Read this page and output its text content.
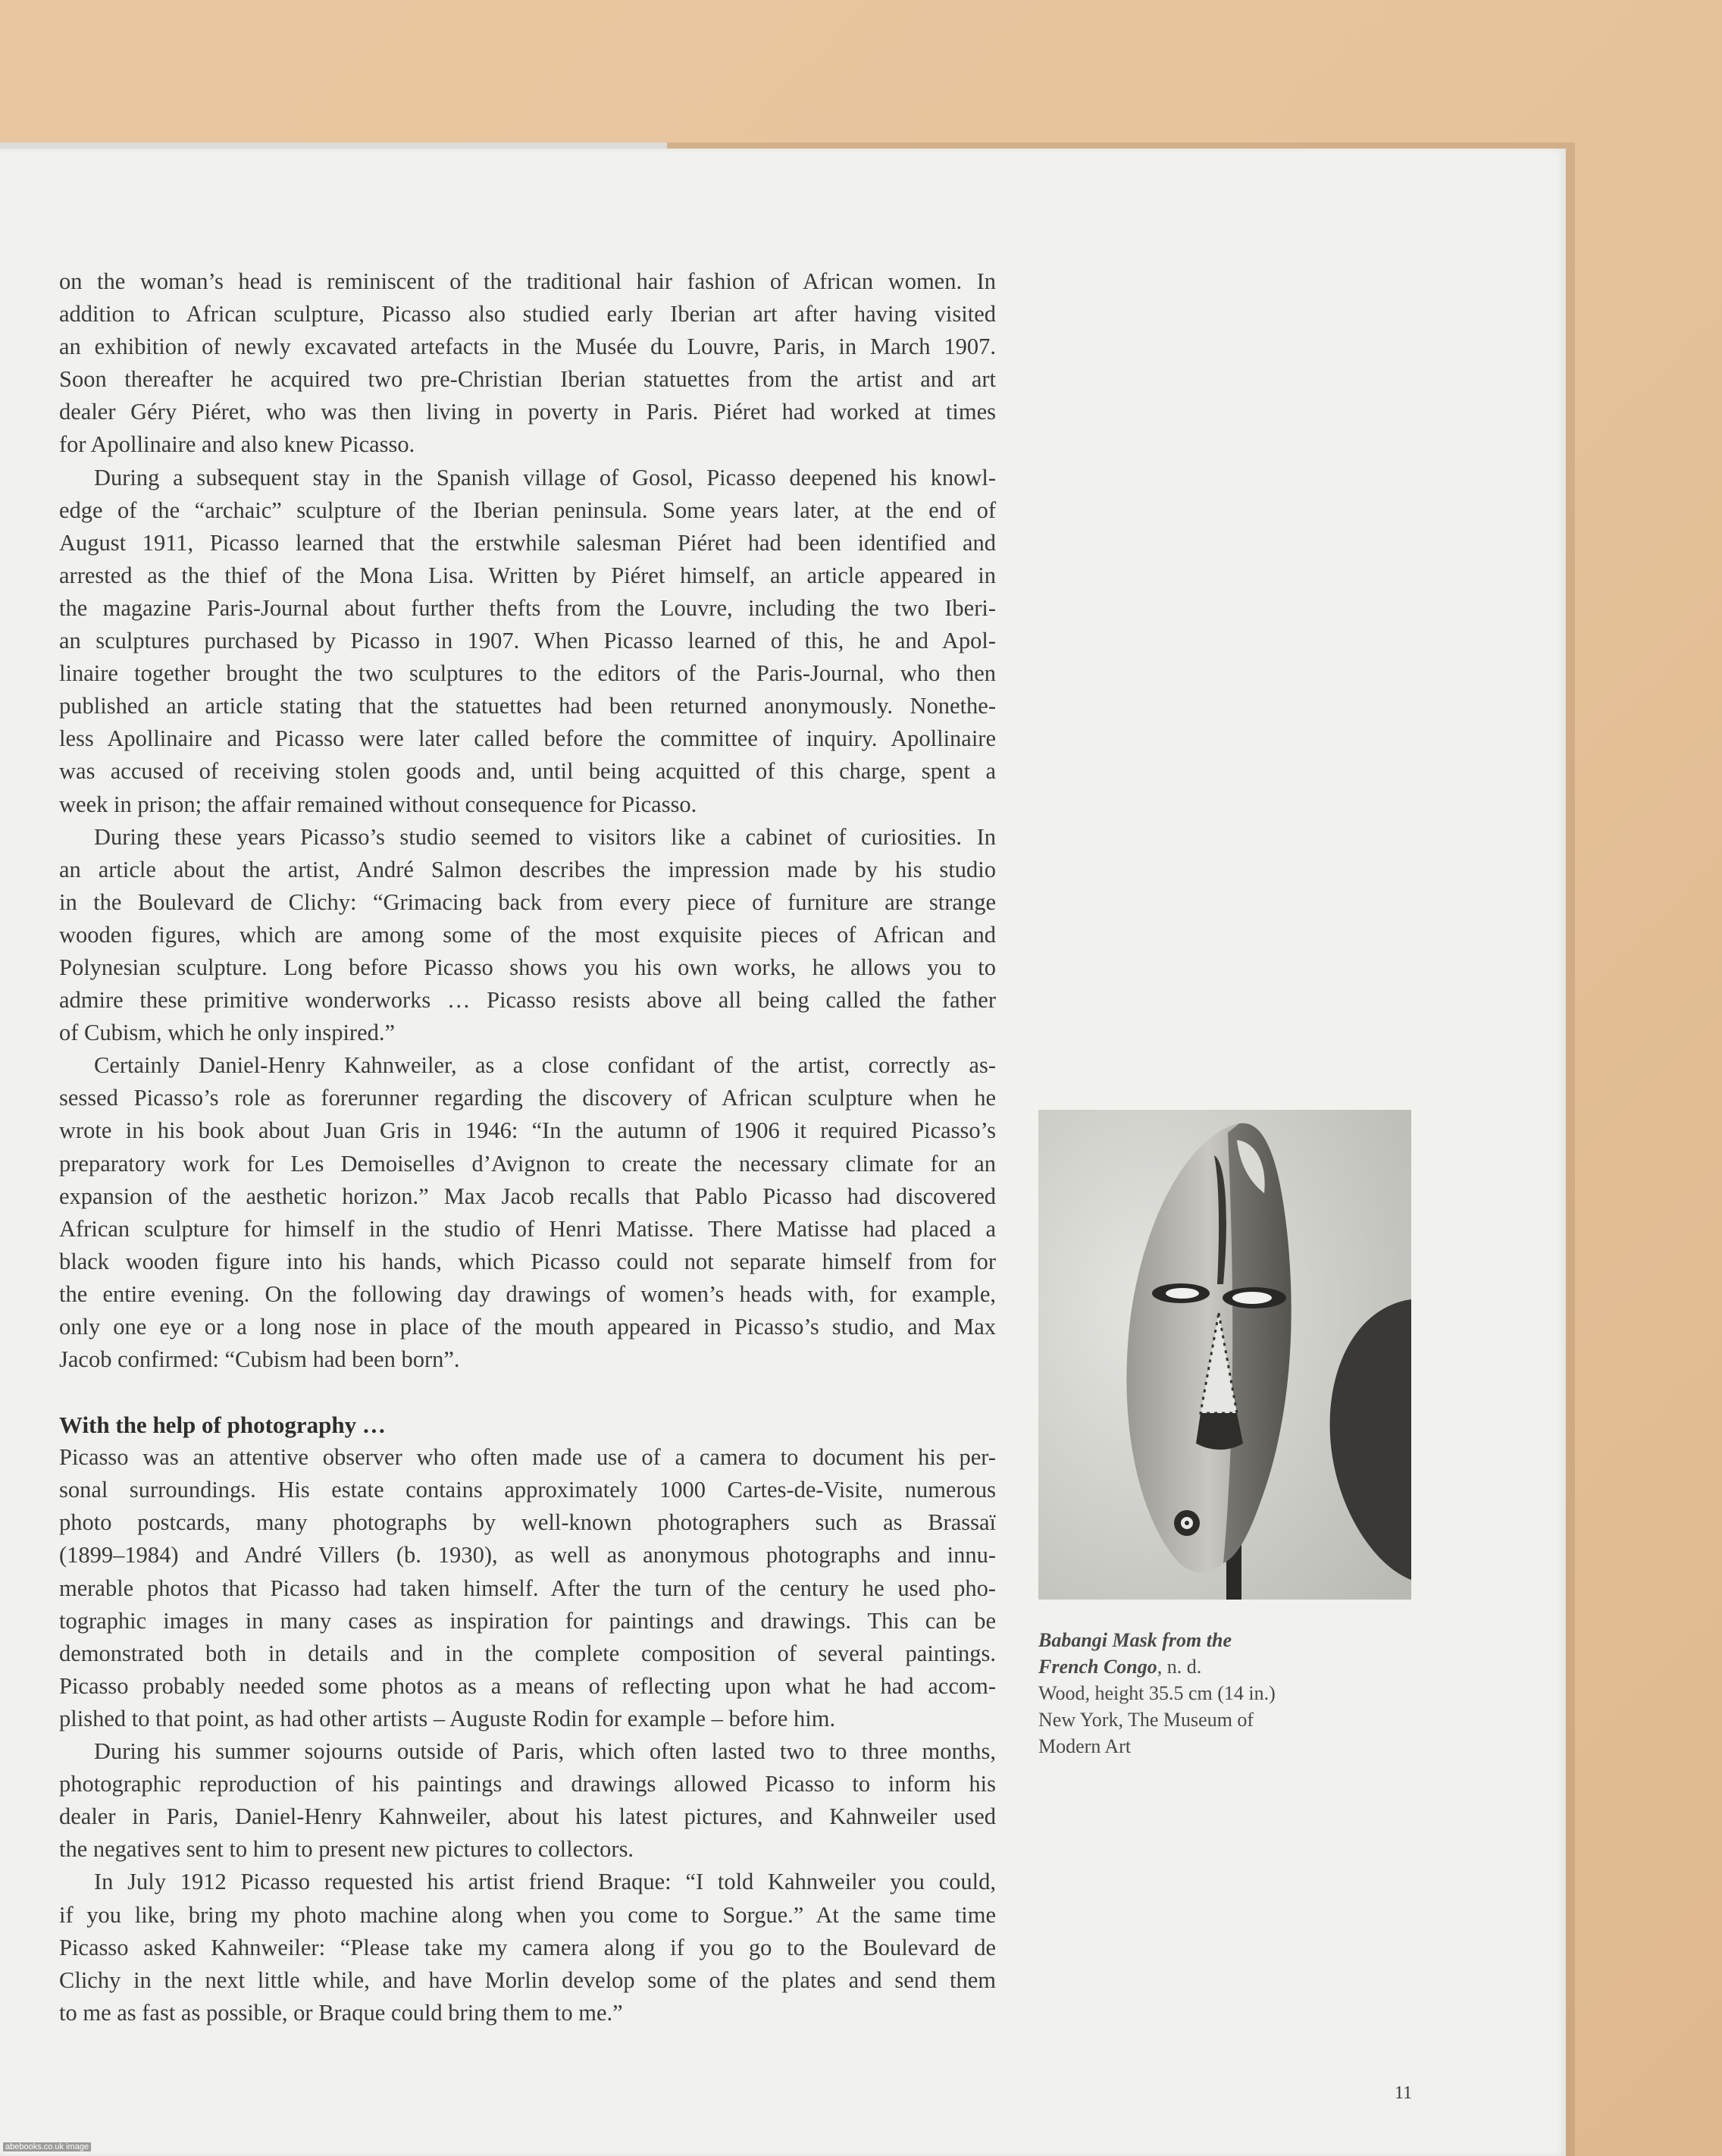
on the woman’s head is reminiscent of the traditional hair fashion of African women. In

addition to African sculpture, Picasso also studied early Iberian art after having visited

an exhibition of newly excavated artefacts in the Musée du Louvre, Paris, in March 1907.

Soon thereafter he acquired two pre-Christian Iberian statuettes from the artist and art

dealer Géry Piéret, who was then living in poverty in Paris. Piéret had worked at times

for Apollinaire and also knew Picasso.

During a subsequent stay in the Spanish village of Gosol, Picasso deepened his knowl-

edge of the “archaic” sculpture of the Iberian peninsula. Some years later, at the end of

August 1911, Picasso learned that the erstwhile salesman Piéret had been identified and

arrested as the thief of the Mona Lisa. Written by Piéret himself, an article appeared in

the magazine Paris-Journal about further thefts from the Louvre, including the two Iberi-

an sculptures purchased by Picasso in 1907. When Picasso learned of this, he and Apol-

linaire together brought the two sculptures to the editors of the Paris-Journal, who then

published an article stating that the statuettes had been returned anonymously. Nonethe-

less Apollinaire and Picasso were later called before the committee of inquiry. Apollinaire

was accused of receiving stolen goods and, until being acquitted of this charge, spent a

week in prison; the affair remained without consequence for Picasso.

During these years Picasso’s studio seemed to visitors like a cabinet of curiosities. In

an article about the artist, André Salmon describes the impression made by his studio

in the Boulevard de Clichy: “Grimacing back from every piece of furniture are strange

wooden figures, which are among some of the most exquisite pieces of African and

Polynesian sculpture. Long before Picasso shows you his own works, he allows you to

admire these primitive wonderworks … Picasso resists above all being called the father

of Cubism, which he only inspired.”

Certainly Daniel-Henry Kahnweiler, as a close confidant of the artist, correctly as-

sessed Picasso’s role as forerunner regarding the discovery of African sculpture when he

wrote in his book about Juan Gris in 1946: “In the autumn of 1906 it required Picasso’s

preparatory work for Les Demoiselles d’Avignon to create the necessary climate for an

expansion of the aesthetic horizon.” Max Jacob recalls that Pablo Picasso had discovered

African sculpture for himself in the studio of Henri Matisse. There Matisse had placed a

black wooden figure into his hands, which Picasso could not separate himself from for

the entire evening. On the following day drawings of women’s heads with, for example,

only one eye or a long nose in place of the mouth appeared in Picasso’s studio, and Max

Jacob confirmed: “Cubism had been born”.

With the help of photography …

Picasso was an attentive observer who often made use of a camera to document his per-

sonal surroundings. His estate contains approximately 1000 Cartes-de-Visite, numerous

photo postcards, many photographs by well-known photographers such as Brassaï

(1899–1984) and André Villers (b. 1930), as well as anonymous photographs and innu-

merable photos that Picasso had taken himself. After the turn of the century he used pho-

tographic images in many cases as inspiration for paintings and drawings. This can be

demonstrated both in details and in the complete composition of several paintings.

Picasso probably needed some photos as a means of reflecting upon what he had accom-

plished to that point, as had other artists – Auguste Rodin for example – before him.

During his summer sojourns outside of Paris, which often lasted two to three months,

photographic reproduction of his paintings and drawings allowed Picasso to inform his

dealer in Paris, Daniel-Henry Kahnweiler, about his latest pictures, and Kahnweiler used

the negatives sent to him to present new pictures to collectors.

In July 1912 Picasso requested his artist friend Braque: “I told Kahnweiler you could,

if you like, bring my photo machine along when you come to Sorgue.” At the same time

Picasso asked Kahnweiler: “Please take my camera along if you go to the Boulevard de

Clichy in the next little while, and have Morlin develop some of the plates and send them

to me as fast as possible, or Braque could bring them to me.”

Babangi Mask from the
French Congo, n. d.
Wood, height 35.5 cm (14 in.)
New York, The Museum of
Modern Art
11
abebooks.co.uk image
